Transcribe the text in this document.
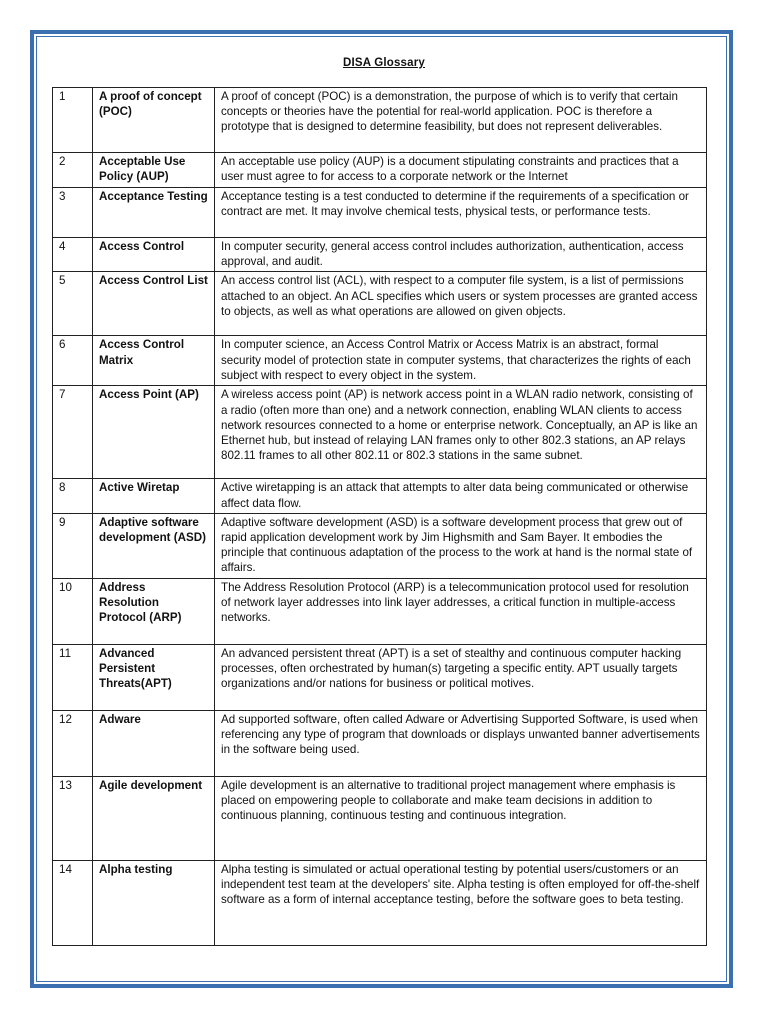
DISA Glossary
1	A proof of concept (POC)	A proof of concept (POC) is a demonstration, the purpose of which is to verify that certain concepts or theories have the potential for real-world application. POC is therefore a prototype that is designed to determine feasibility, but does not represent deliverables.
2	Acceptable Use Policy (AUP)	An acceptable use policy (AUP) is a document stipulating constraints and practices that a user must agree to for access to a corporate network or the Internet
3	Acceptance Testing	Acceptance testing is a test conducted to determine if the requirements of a specification or contract are met. It may involve chemical tests, physical tests, or performance tests.
4	Access Control	In computer security, general access control includes authorization, authentication, access approval, and audit.
5	Access Control List	An access control list (ACL), with respect to a computer file system, is a list of permissions attached to an object. An ACL specifies which users or system processes are granted access to objects, as well as what operations are allowed on given objects.
6	Access Control Matrix	In computer science, an Access Control Matrix or Access Matrix is an abstract, formal security model of protection state in computer systems, that characterizes the rights of each subject with respect to every object in the system.
7	Access Point (AP)	A wireless access point (AP) is network access point in a WLAN radio network, consisting of a radio (often more than one) and a network connection, enabling WLAN clients to access network resources connected to a home or enterprise network. Conceptually, an AP is like an Ethernet hub, but instead of relaying LAN frames only to other 802.3 stations, an AP relays 802.11 frames to all other 802.11 or 802.3 stations in the same subnet.
8	Active Wiretap	Active wiretapping is an attack that attempts to alter data being communicated or otherwise affect data flow.
9	Adaptive software development (ASD)	Adaptive software development (ASD) is a software development process that grew out of rapid application development work by Jim Highsmith and Sam Bayer. It embodies the principle that continuous adaptation of the process to the work at hand is the normal state of affairs.
10	Address Resolution Protocol (ARP)	The Address Resolution Protocol (ARP) is a telecommunication protocol used for resolution of network layer addresses into link layer addresses, a critical function in multiple-access networks.
11	Advanced Persistent Threats(APT)	An advanced persistent threat (APT) is a set of stealthy and continuous computer hacking processes, often orchestrated by human(s) targeting a specific entity. APT usually targets organizations and/or nations for business or political motives.
12	Adware	Ad supported software, often called Adware or Advertising Supported Software, is used when referencing any type of program that downloads or displays unwanted banner advertisements in the software being used.
13	Agile development	Agile development is an alternative to traditional project management where emphasis is placed on empowering people to collaborate and make team decisions in addition to continuous planning, continuous testing and continuous integration.
14	Alpha testing	Alpha testing is simulated or actual operational testing by potential users/customers or an independent test team at the developers' site. Alpha testing is often employed for off-the-shelf software as a form of internal acceptance testing, before the software goes to beta testing.
